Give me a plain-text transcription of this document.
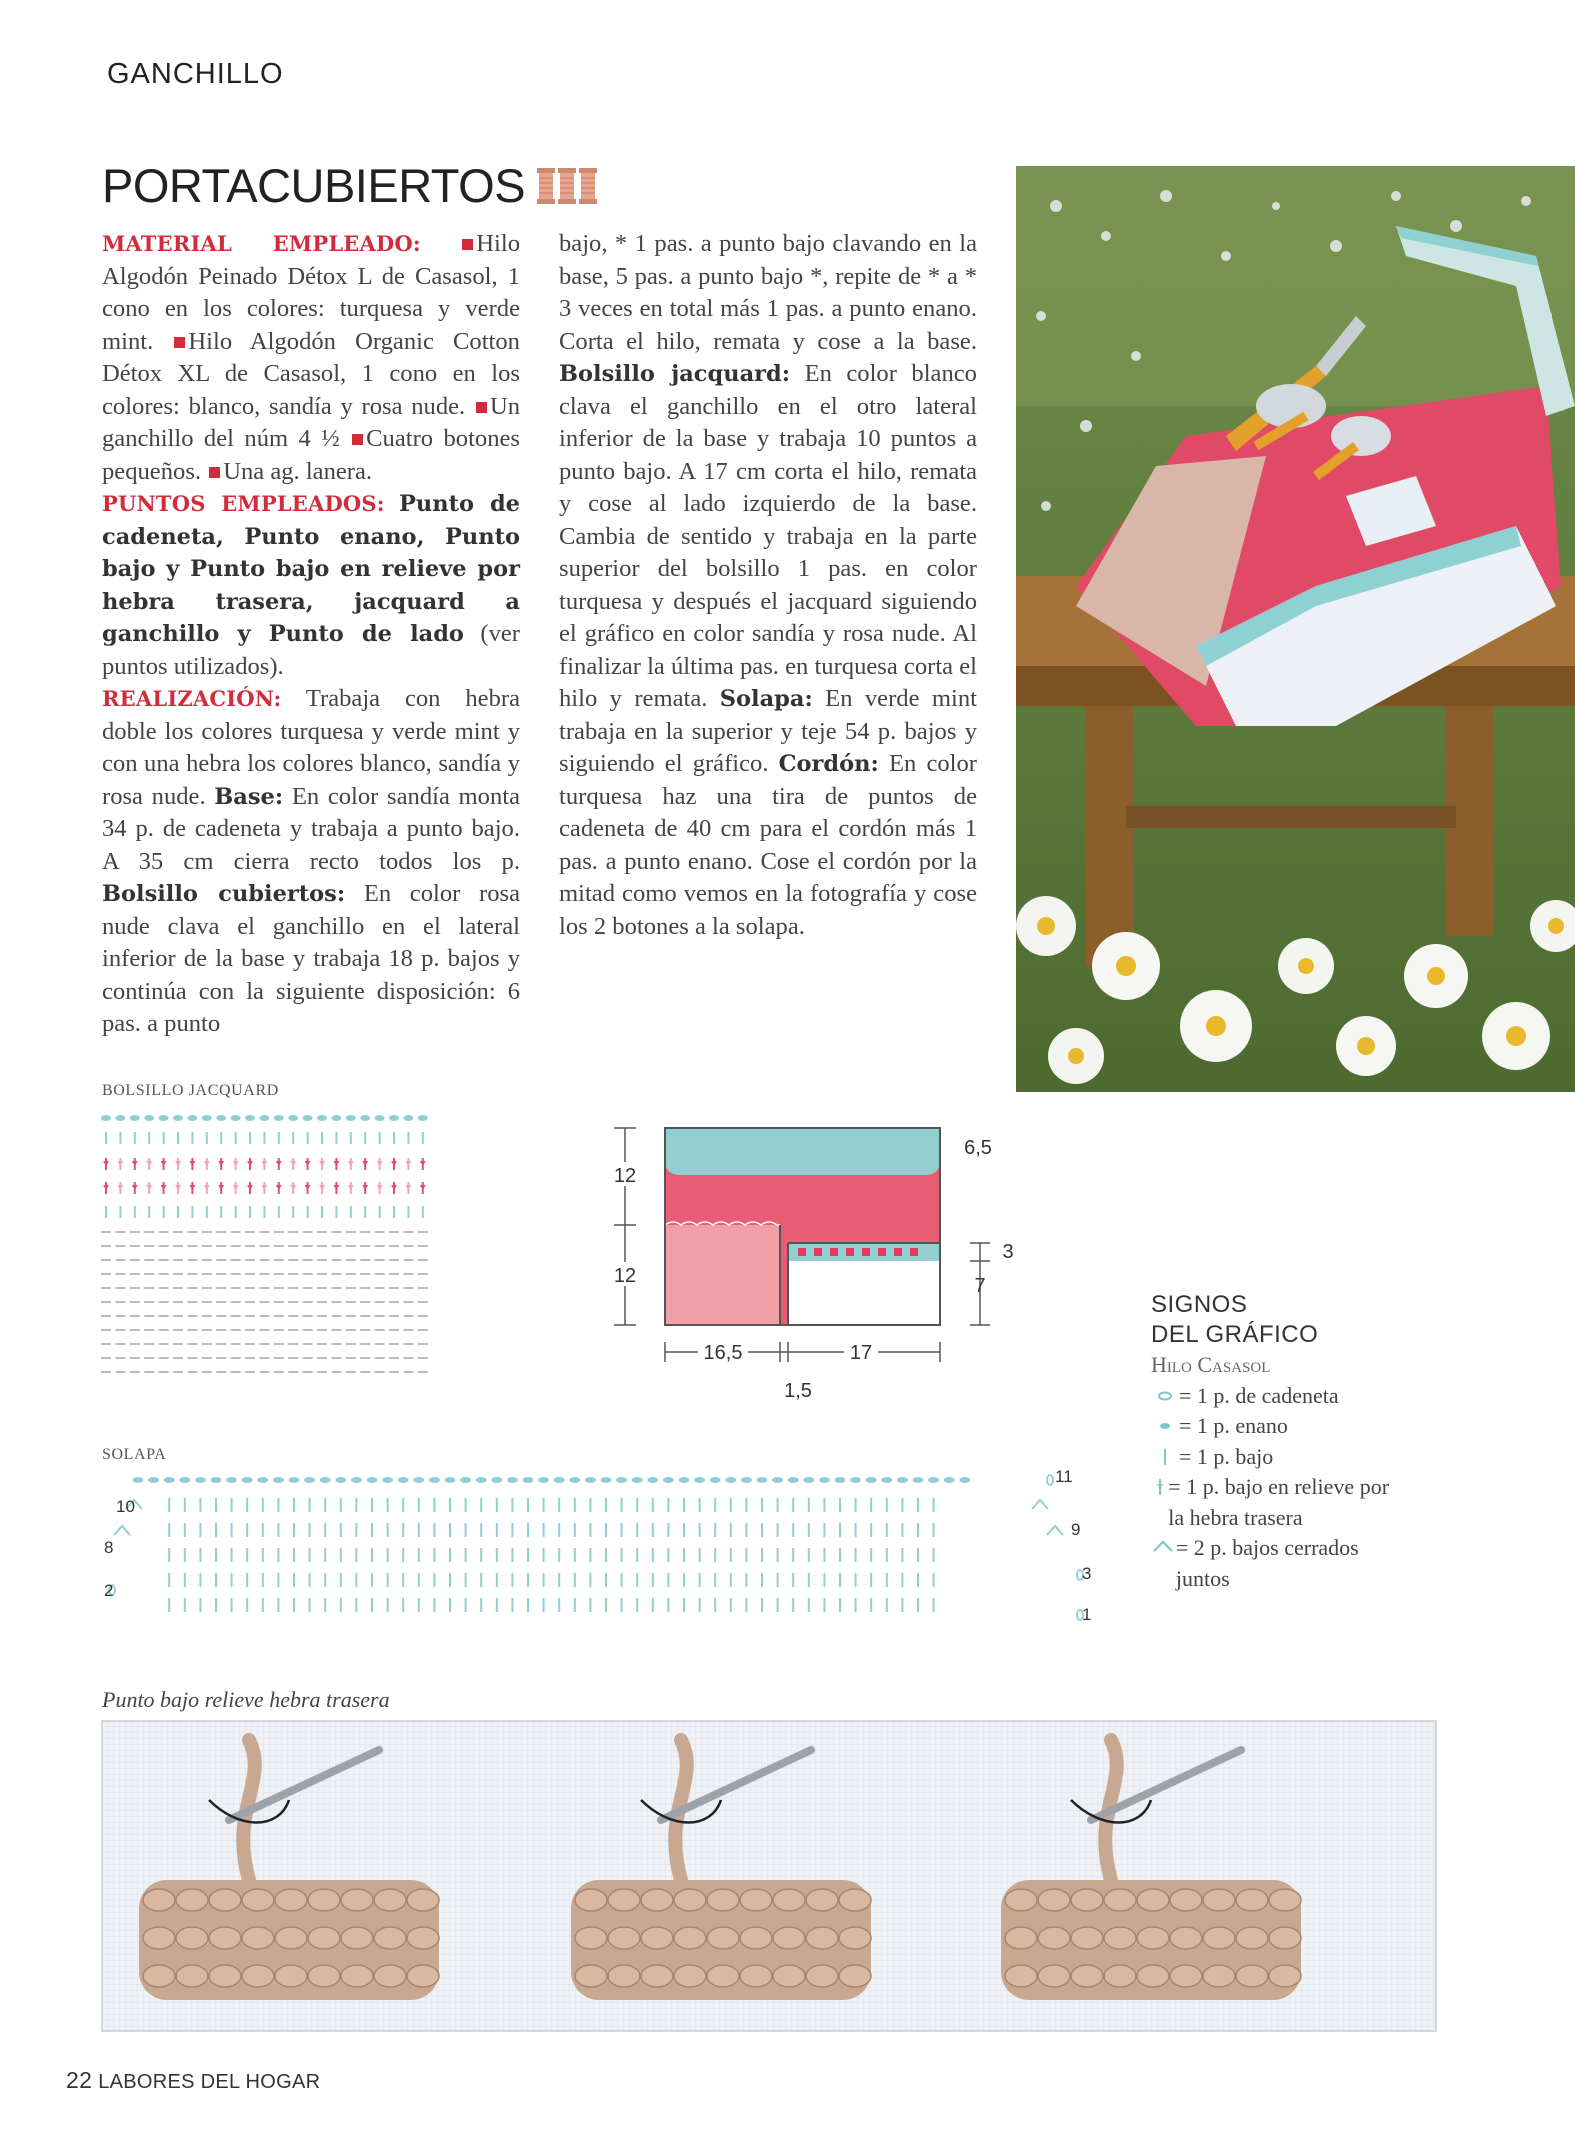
GANCHILLO
PORTACUBIERTOS
MATERIAL EMPLEADO: Hilo Algodón Peinado Détox L de Casasol, 1 cono en los colores: turquesa y verde mint. Hilo Algodón Organic Cotton Détox XL de Casasol, 1 cono en los colores: blanco, sandía y rosa nude. Un ganchillo del núm 4 ½ Cuatro botones pequeños. Una ag. lanera.
PUNTOS EMPLEADOS: Punto de cadeneta, Punto enano, Punto bajo y Punto bajo en relieve por hebra trasera, jacquard a ganchillo y Punto de lado (ver puntos utilizados).
REALIZACIÓN: Trabaja con hebra doble los colores turquesa y verde mint y con una hebra los colores blanco, sandía y rosa nude. Base: En color sandía monta 34 p. de cadeneta y trabaja a punto bajo. A 35 cm cierra recto todos los p. Bolsillo cubiertos: En color rosa nude clava el ganchillo en el lateral inferior de la base y trabaja 18 p. bajos y continúa con la siguiente disposición: 6 pas. a punto
bajo, * 1 pas. a punto bajo clavando en la base, 5 pas. a punto bajo *, repite de * a * 3 veces en total más 1 pas. a punto enano. Corta el hilo, remata y cose a la base. Bolsillo jacquard: En color blanco clava el ganchillo en el otro lateral inferior de la base y trabaja 10 puntos a punto bajo. A 17 cm corta el hilo, remata y cose al lado izquierdo de la base. Cambia de sentido y trabaja en la parte superior del bolsillo 1 pas. en color turquesa y después el jacquard siguiendo el gráfico en color sandía y rosa nude. Al finalizar la última pas. en turquesa corta el hilo y remata. Solapa: En verde mint trabaja en la superior y teje 54 p. bajos y siguiendo el gráfico. Cordón: En color turquesa haz una tira de puntos de cadeneta de 40 cm para el cordón más 1 pas. a punto enano. Cose el cordón por la mitad como vemos en la fotografía y cose los 2 botones a la solapa.
BOLSILLO JACQUARD
12
12
6,5
3
7
16,5	17
1,5
SOLAPA
10
8
2
11
9
3
1
SIGNOS
DEL GRÁFICO
Hilo Casasol
= 1 p. de cadeneta
= 1 p. enano
= 1 p. bajo
= 1 p. bajo en relieve por la hebra trasera
= 2 p. bajos cerrados juntos
Punto bajo relieve hebra trasera
22 LABORES DEL HOGAR
